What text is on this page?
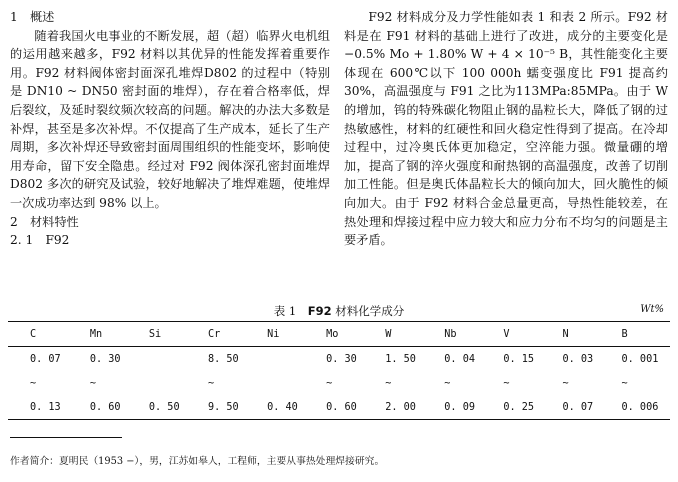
1　概述

随着我国火电事业的不断发展，超（超）临界火电机组的运用越来越多，F92 材料以其优异的性能发挥着重要作用。F92 材料阀体密封面深孔堆焊D802 的过程中（特别是 DN10 ~ DN50 密封面的堆焊），存在着合格率低，焊后裂纹，及延时裂纹频次较高的问题。解决的办法大多数是补焊，甚至是多次补焊。不仅提高了生产成本，延长了生产周期，多次补焊还导致密封面周围组织的性能变坏，影响使用寿命，留下安全隐患。经过对 F92 阀体深孔密封面堆焊 D802 多次的研究及试验，较好地解决了堆焊难题，使堆焊一次成功率达到 98% 以上。

2　材料特性

2. 1　F92

F92 材料成分及力学性能如表 1 和表 2 所示。F92 材料是在 F91 材料的基础上进行了改进，成分的主要变化是 −0.5% Mo + 1.80% W + 4 × 10⁻⁵ B，其性能变化主要体现在 600℃以下 100 000h 蠕变强度比 F91 提高约 30%，高温强度与 F91 之比为113MPa:85MPa。由于 W 的增加，钨的特殊碳化物阻止钢的晶粒长大，降低了钢的过热敏感性，材料的红硬性和回火稳定性得到了提高。在冷却过程中，过冷奥氏体更加稳定，空淬能力强。微量硼的增加，提高了钢的淬火强度和耐热钢的高温强度，改善了切削加工性能。但是奥氏体晶粒长大的倾向加大，回火脆性的倾向加大。由于 F92 材料合金总量更高，导热性能较差，在热处理和焊接过程中应力较大和应力分布不均匀的问题是主要矛盾。

表 1　F92 材料化学成分	Wt%
C	Mn	Si	Cr	Ni	Mo	W	Nb	V	N	B
0. 07	0. 30		8. 50		0. 30	1. 50	0. 04	0. 15	0. 03	0. 001
~	~		~		~	~	~	~	~	~
0. 13	0. 60	0. 50	9. 50	0. 40	0. 60	2. 00	0. 09	0. 25	0. 07	0. 006
作者简介：夏明民（1953 −），男，江苏如皋人，工程师，主要从事热处理焊接研究。
